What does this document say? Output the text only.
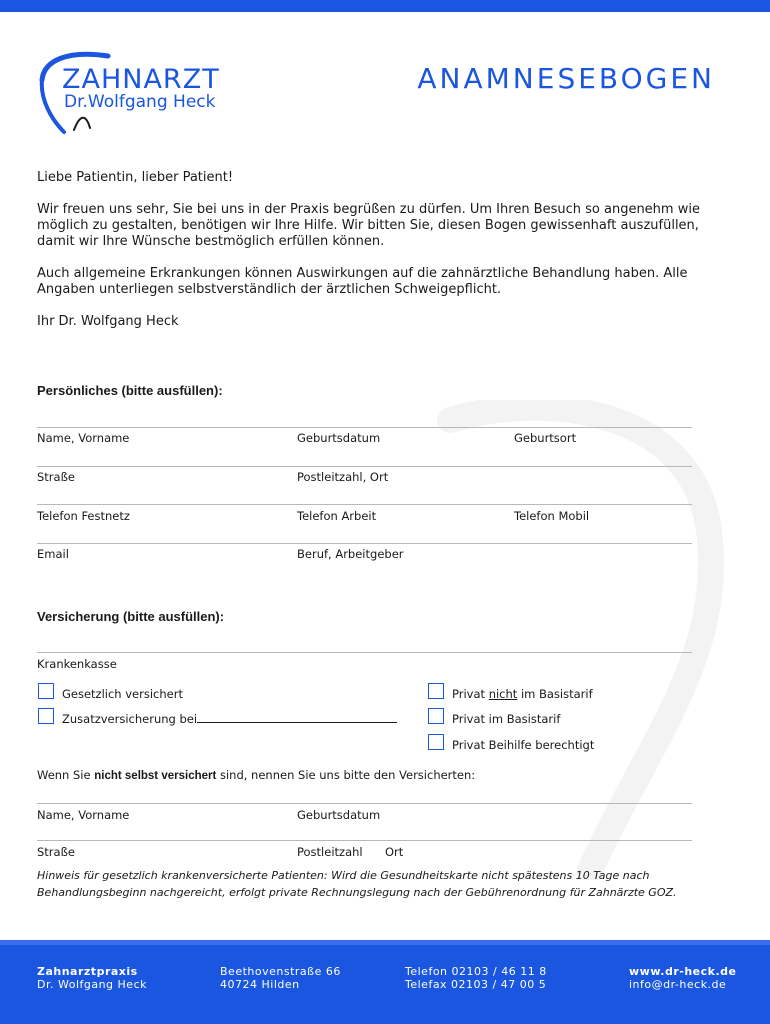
ZAHNARZT
Dr.Wolfgang Heck
ANAMNESEBOGEN
Liebe Patientin, lieber Patient!
Wir freuen uns sehr, Sie bei uns in der Praxis begrüßen zu dürfen. Um Ihren Besuch so angenehm wie möglich zu gestalten, benötigen wir Ihre Hilfe. Wir bitten Sie, diesen Bogen gewissenhaft auszufüllen, damit wir Ihre Wünsche bestmöglich erfüllen können.
Auch allgemeine Erkrankungen können Auswirkungen auf die zahnärztliche Behandlung haben. Alle Angaben unterliegen selbstverständlich der ärztlichen Schweigepflicht.
Ihr Dr. Wolfgang Heck
Persönliches (bitte ausfüllen):
Name, Vorname	Geburtsdatum	Geburtsort
Straße	Postleitzahl, Ort
Telefon Festnetz	Telefon Arbeit	Telefon Mobil
Email	Beruf, Arbeitgeber
Versicherung (bitte ausfüllen):
Krankenkasse
Gesetzlich versichert	Privat nicht im Basistarif
Zusatzversicherung bei	Privat im Basistarif
Privat Beihilfe berechtigt
Wenn Sie nicht selbst versichert sind, nennen Sie uns bitte den Versicherten:
Name, Vorname	Geburtsdatum
Straße	Postleitzahl Ort
Hinweis für gesetzlich krankenversicherte Patienten: Wird die Gesundheitskarte nicht spätestens 10 Tage nach Behandlungsbeginn nachgereicht, erfolgt private Rechnungslegung nach der Gebührenordnung für Zahnärzte GOZ.
Zahnarztpraxis
Dr. Wolfgang Heck
Beethovenstraße 66
40724 Hilden
Telefon 02103 / 46 11 8
Telefax 02103 / 47 00 5
www.dr-heck.de
info@dr-heck.de
